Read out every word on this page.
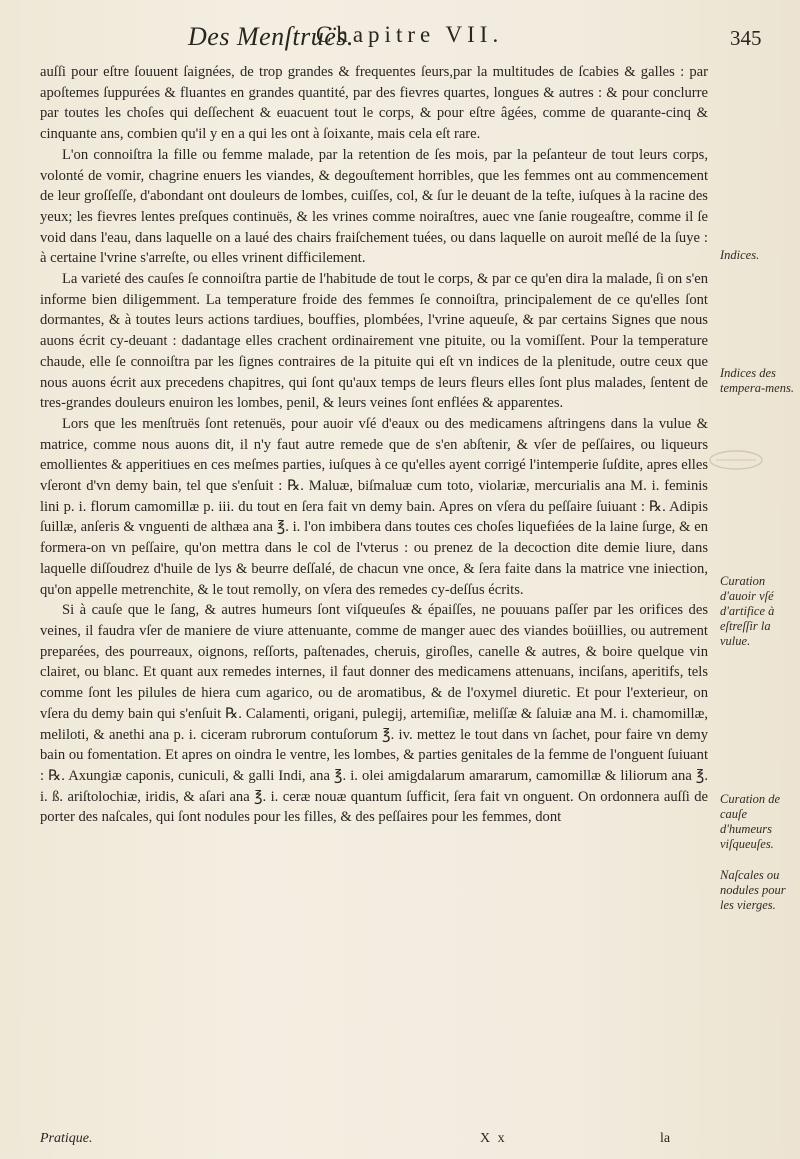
Des Menſtruës.
Chapitre VII.	345

auſſi pour eſtre ſouuent ſaignées, de trop grandes & frequentes ſeurs,par la multitudes de ſcabies & galles : par apoſtemes ſuppurées & fluantes en grandes quantité, par des fievres quartes, longues & autres : & pour conclurre par toutes les choſes qui deſſechent & euacuent tout le corps, & pour eſtre âgées, comme de quarante-cinq & cinquante ans, combien qu'il y en a qui les ont à ſoixante, mais cela eſt rare.

L'on connoiſtra la fille ou femme malade, par la retention de ſes mois, par la peſanteur de tout leurs corps, volonté de vomir, chagrine enuers les viandes, & degouſtement horribles, que les femmes ont au commencement de leur groſſeſſe, d'abondant ont douleurs de lombes, cuiſſes, col, & ſur le deuant de la teſte, iuſques à la racine des yeux; les fievres lentes preſques continuës, & les vrines comme noiraſtres, auec vne ſanie rougeaſtre, comme il ſe void dans l'eau, dans laquelle on a laué des chairs fraiſchement tuées, ou dans laquelle on auroit meſlé de la ſuye : à certaine l'vrine s'arreſte, ou elles vrinent difficilement.

La varieté des cauſes ſe connoiſtra partie de l'habitude de tout le corps, & par ce qu'en dira la malade, ſi on s'en informe bien diligemment. La temperature froide des femmes ſe connoiſtra, principalement de ce qu'elles ſont dormantes, & à toutes leurs actions tardiues, bouffies, plombées, l'vrine aqueuſe, & par certains Signes que nous auons écrit cy-deuant : dadantage elles crachent ordinairement vne pituite, ou la vomiſſent. Pour la temperature chaude, elle ſe connoiſtra par les ſignes contraires de la pituite qui eſt vn indices de la plenitude, outre ceux que nous auons écrit aux precedens chapitres, qui ſont qu'aux temps de leurs fleurs elles ſont plus malades, ſentent de tres-grandes douleurs enuiron les lombes, penil, & leurs veines ſont enflées & apparentes.

Lors que les menſtruës ſont retenuës, pour auoir vſé d'eaux ou des medicamens aſtringens dans la vulue & matrice, comme nous auons dit, il n'y faut autre remede que de s'en abſtenir, & vſer de peſſaires, ou liqueurs emollientes & apperitiues en ces meſmes parties, iuſques à ce qu'elles ayent corrigé l'intemperie ſuſdite, apres elles vſeront d'vn demy bain, tel que s'enſuit : ℞. Maluæ, biſmaluæ cum toto, violariæ, mercurialis ana M. i. feminis lini p. i. florum camomillæ p. iii. du tout en ſera fait vn demy bain. Apres on vſera du peſſaire ſuiuant : ℞. Adipis ſuillæ, anſeris & vnguenti de althæa ana ℥. i. l'on imbibera dans toutes ces choſes liquefiées de la laine ſurge, & en formera-on vn peſſaire, qu'on mettra dans le col de l'vterus : ou prenez de la decoction dite demie liure, dans laquelle diſſoudrez d'huile de lys & beurre deſſalé, de chacun vne once, & ſera faite dans la matrice vne iniection, qu'on appelle metrenchite, & le tout remolly, on vſera des remedes cy-deſſus écrits.

Si à cauſe que le ſang, & autres humeurs ſont viſqueuſes & épaiſſes, ne pouuans paſſer par les orifices des veines, il faudra vſer de maniere de viure attenuante, comme de manger auec des viandes boüillies, ou autrement preparées, des pourreaux, oignons, reſſorts, paſtenades, cheruis, giroſles, canelle & autres, & boire quelque vin clairet, ou blanc. Et quant aux remedes internes, il faut donner des medicamens attenuans, inciſans, aperitifs, tels comme ſont les pilules de hiera cum agarico, ou de aromatibus, & de l'oxymel diuretic. Et pour l'exterieur, on vſera du demy bain qui s'enſuit ℞. Calamenti, origani, pulegij, artemiſiæ, meliſſæ & ſaluiæ ana M. i. chamomillæ, meliloti, & anethi ana p. i. ciceram rubrorum contuſorum ℥. iv. mettez le tout dans vn ſachet, pour faire vn demy bain ou fomentation. Et apres on oindra le ventre, les lombes, & parties genitales de la femme de l'onguent ſuiuant : ℞. Axungiæ caponis, cuniculi, & galli Indi, ana ℥. i. olei amigdalarum amararum, camomillæ & liliorum ana ℥. i. ß. ariſtolochiæ, iridis, & aſari ana ℥. i. ceræ nouæ quantum ſufficit, ſera fait vn onguent. On ordonnera auſſi de porter des naſcales, qui ſont nodules pour les filles, & des peſſaires pour les femmes, dont

Indices.
Indices des tempera-mens.
Curation d'auoir vſé d'artifice à eſtreſſir la vulue.
Curation de cauſe d'humeurs viſqueuſes.
Naſcales ou nodules pour les vierges.
Pratique.	X x	la
